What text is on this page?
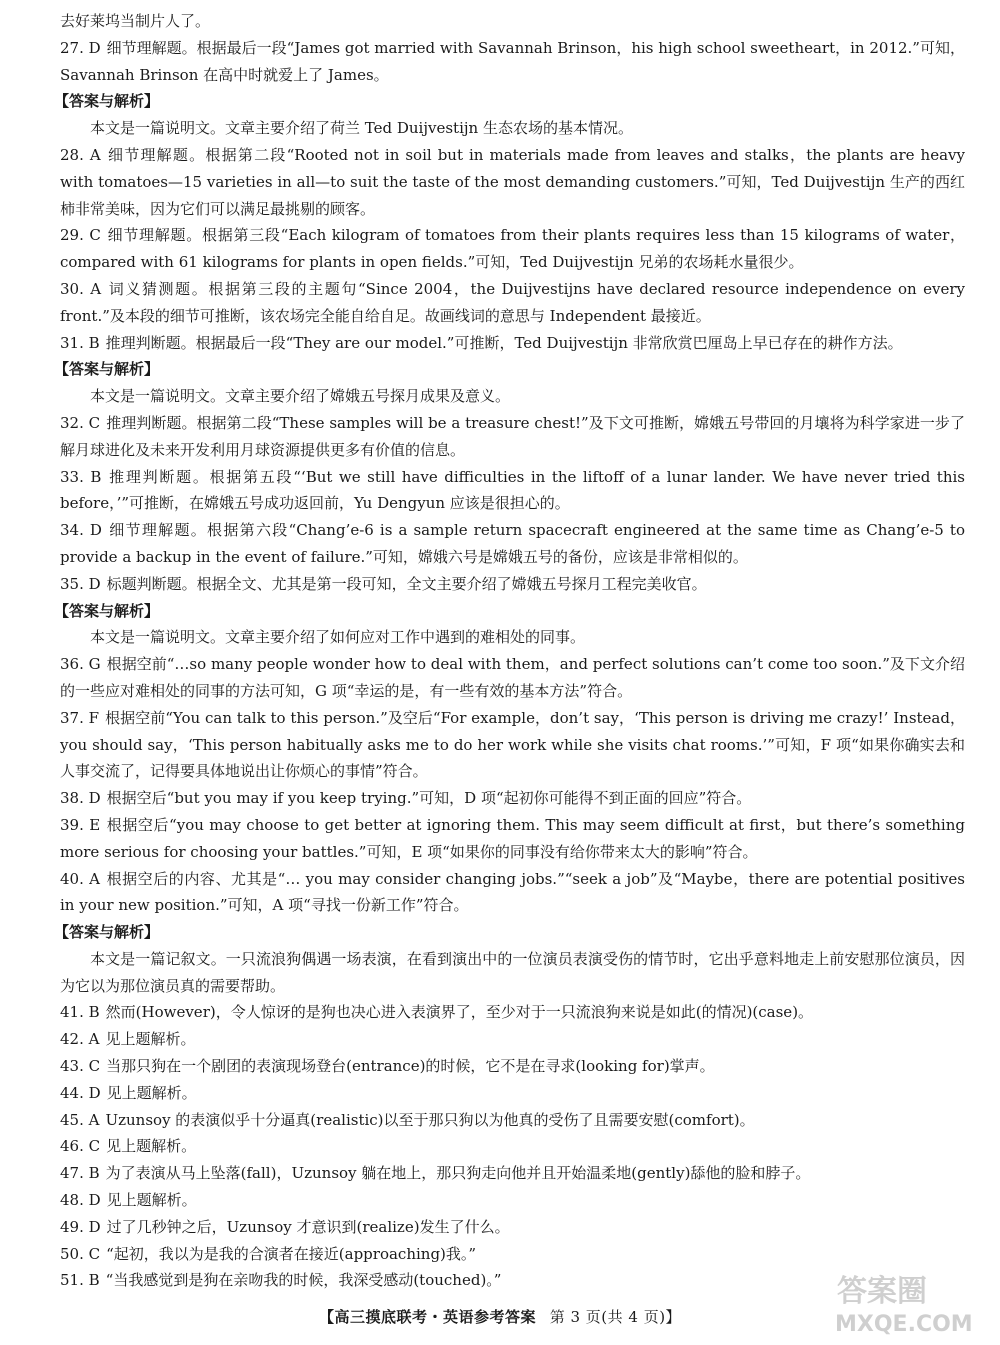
去好莱坞当制片人了。

27. D 细节理解题。根据最后一段“James got married with Savannah Brinson，his high school sweetheart，in 2012.”可知，Savannah Brinson 在高中时就爱上了 James。

【答案与解析】

本文是一篇说明文。文章主要介绍了荷兰 Ted Duijvestijn 生态农场的基本情况。

28. A 细节理解题。根据第二段“Rooted not in soil but in materials made from leaves and stalks，the plants are heavy with tomatoes—15 varieties in all—to suit the taste of the most demanding customers.”可知，Ted Duijvestijn 生产的西红柿非常美味，因为它们可以满足最挑剔的顾客。

29. C 细节理解题。根据第三段“Each kilogram of tomatoes from their plants requires less than 15 kilograms of water，compared with 61 kilograms for plants in open fields.”可知，Ted Duijvestijn 兄弟的农场耗水量很少。

30. A 词义猜测题。根据第三段的主题句“Since 2004，the Duijvestijns have declared resource independence on every front.”及本段的细节可推断，该农场完全能自给自足。故画线词的意思与 Independent 最接近。

31. B 推理判断题。根据最后一段“They are our model.”可推断，Ted Duijvestijn 非常欣赏巴厘岛上早已存在的耕作方法。

【答案与解析】

本文是一篇说明文。文章主要介绍了嫦娥五号探月成果及意义。

32. C 推理判断题。根据第二段“These samples will be a treasure chest!”及下文可推断，嫦娥五号带回的月壤将为科学家进一步了解月球进化及未来开发利用月球资源提供更多有价值的信息。

33. B 推理判断题。根据第五段“‘But we still have difficulties in the liftoff of a lunar lander. We have never tried this before，’”可推断，在嫦娥五号成功返回前，Yu Dengyun 应该是很担心的。

34. D 细节理解题。根据第六段“Chang’e-6 is a sample return spacecraft engineered at the same time as Chang’e-5 to provide a backup in the event of failure.”可知，嫦娥六号是嫦娥五号的备份，应该是非常相似的。

35. D 标题判断题。根据全文、尤其是第一段可知，全文主要介绍了嫦娥五号探月工程完美收官。

【答案与解析】

本文是一篇说明文。文章主要介绍了如何应对工作中遇到的难相处的同事。

36. G 根据空前“…so many people wonder how to deal with them，and perfect solutions can’t come too soon.”及下文介绍的一些应对难相处的同事的方法可知，G 项“幸运的是，有一些有效的基本方法”符合。

37. F 根据空前“You can talk to this person.”及空后“For example，don’t say，‘This person is driving me crazy!’ Instead，you should say，‘This person habitually asks me to do her work while she visits chat rooms.’”可知，F 项“如果你确实去和人事交流了，记得要具体地说出让你烦心的事情”符合。

38. D 根据空后“but you may if you keep trying.”可知，D 项“起初你可能得不到正面的回应”符合。

39. E 根据空后“you may choose to get better at ignoring them. This may seem difficult at first，but there’s something more serious for choosing your battles.”可知，E 项“如果你的同事没有给你带来太大的影响”符合。

40. A 根据空后的内容、尤其是“… you may consider changing jobs.”“seek a job”及“Maybe，there are potential positives in your new position.”可知，A 项“寻找一份新工作”符合。

【答案与解析】

本文是一篇记叙文。一只流浪狗偶遇一场表演，在看到演出中的一位演员表演受伤的情节时，它出乎意料地走上前安慰那位演员，因为它以为那位演员真的需要帮助。

41. B 然而(However)，令人惊讶的是狗也决心进入表演界了，至少对于一只流浪狗来说是如此(的情况)(case)。

42. A 见上题解析。

43. C 当那只狗在一个剧团的表演现场登台(entrance)的时候，它不是在寻求(looking for)掌声。

44. D 见上题解析。

45. A Uzunsoy 的表演似乎十分逼真(realistic)以至于那只狗以为他真的受伤了且需要安慰(comfort)。

46. C 见上题解析。

47. B 为了表演从马上坠落(fall)，Uzunsoy 躺在地上，那只狗走向他并且开始温柔地(gently)舔他的脸和脖子。

48. D 见上题解析。

49. D 过了几秒钟之后，Uzunsoy 才意识到(realize)发生了什么。

50. C “起初，我以为是我的合演者在接近(approaching)我。”

51. B “当我感觉到是狗在亲吻我的时候，我深受感动(touched)。”

【高三摸底联考・英语参考答案 第 3 页(共 4 页)】
答案圈
MXQE.COM
